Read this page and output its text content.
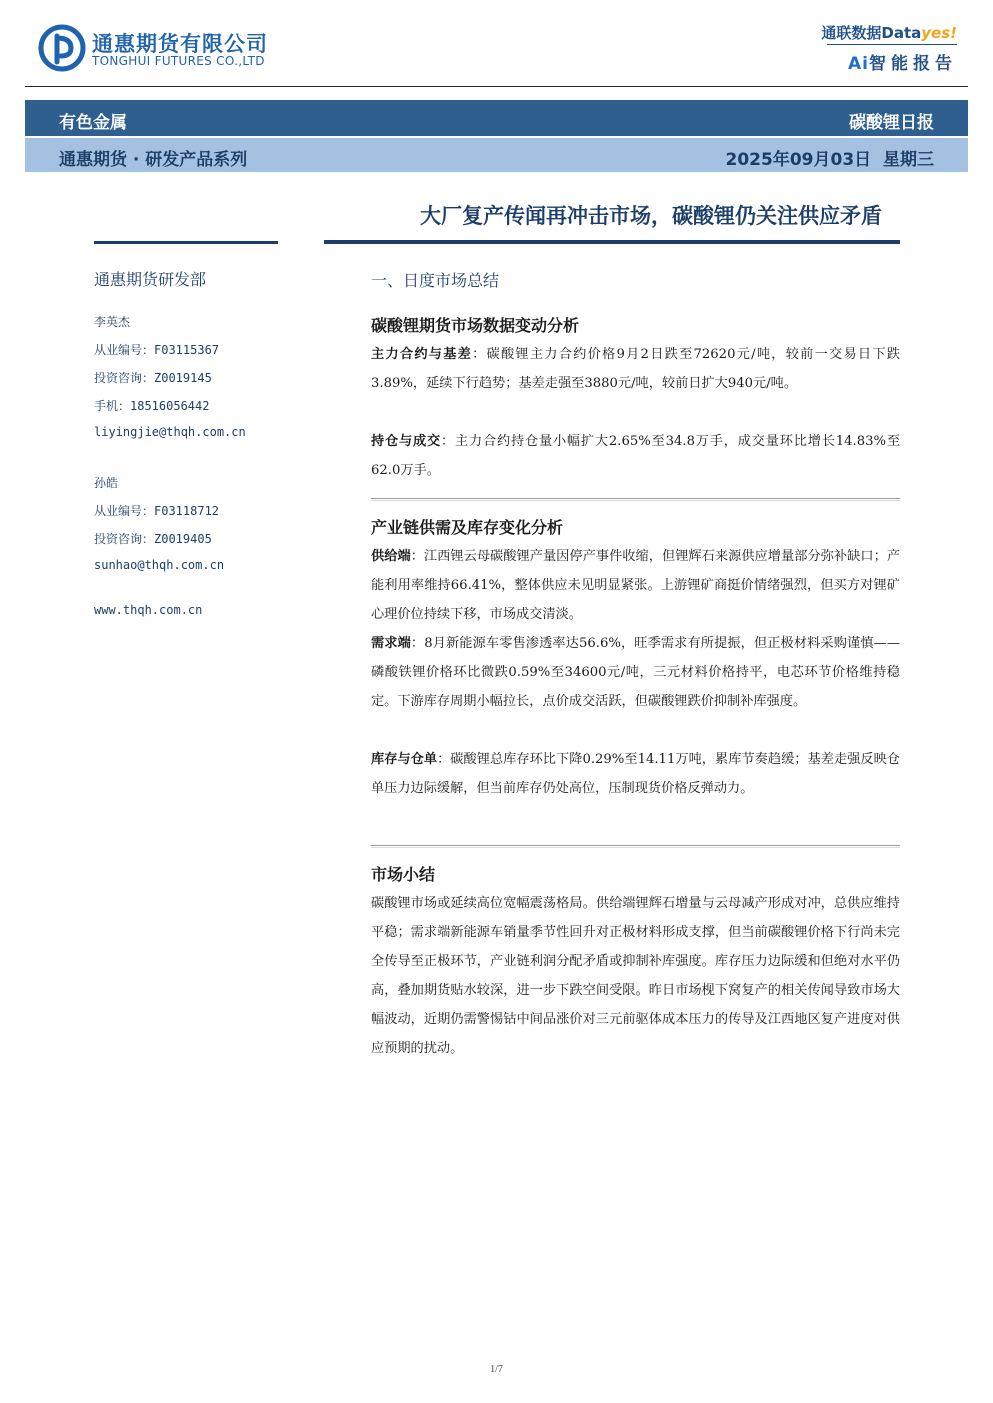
通惠期货有限公司
TONGHUI FUTURES CO.,LTD
通联数据Datayes!
Ai智能报告
有色金属	碳酸锂日报
通惠期货 · 研发产品系列	2025年09月03日 星期三
大厂复产传闻再冲击市场，碳酸锂仍关注供应矛盾
通惠期货研发部
李英杰
从业编号：F03115367
投资咨询：Z0019145
手机：18516056442
liyingjie@thqh.com.cn
孙皓
从业编号：F03118712
投资咨询：Z0019405
sunhao@thqh.com.cn
www.thqh.com.cn
一、日度市场总结
碳酸锂期货市场数据变动分析
主力合约与基差：碳酸锂主力合约价格9月2日跌至72620元/吨，较前一交易日下跌3.89%，延续下行趋势；基差走强至3880元/吨，较前日扩大940元/吨。
持仓与成交：主力合约持仓量小幅扩大2.65%至34.8万手，成交量环比增长14.83%至62.0万手。
产业链供需及库存变化分析
供给端：江西锂云母碳酸锂产量因停产事件收缩，但锂辉石来源供应增量部分弥补缺口；产能利用率维持66.41%，整体供应未见明显紧张。上游锂矿商挺价情绪强烈，但买方对锂矿心理价位持续下移，市场成交清淡。
需求端：8月新能源车零售渗透率达56.6%，旺季需求有所提振，但正极材料采购谨慎——磷酸铁锂价格环比微跌0.59%至34600元/吨，三元材料价格持平，电芯环节价格维持稳定。下游库存周期小幅拉长，点价成交活跃，但碳酸锂跌价抑制补库强度。
库存与仓单：碳酸锂总库存环比下降0.29%至14.11万吨，累库节奏趋缓；基差走强反映仓单压力边际缓解，但当前库存仍处高位，压制现货价格反弹动力。
市场小结
碳酸锂市场或延续高位宽幅震荡格局。供给端锂辉石增量与云母减产形成对冲，总供应维持平稳；需求端新能源车销量季节性回升对正极材料形成支撑，但当前碳酸锂价格下行尚未完全传导至正极环节，产业链利润分配矛盾或抑制补库强度。库存压力边际缓和但绝对水平仍高，叠加期货贴水较深，进一步下跌空间受限。昨日市场枧下窝复产的相关传闻导致市场大幅波动，近期仍需警惕钴中间品涨价对三元前驱体成本压力的传导及江西地区复产进度对供应预期的扰动。
1/7
